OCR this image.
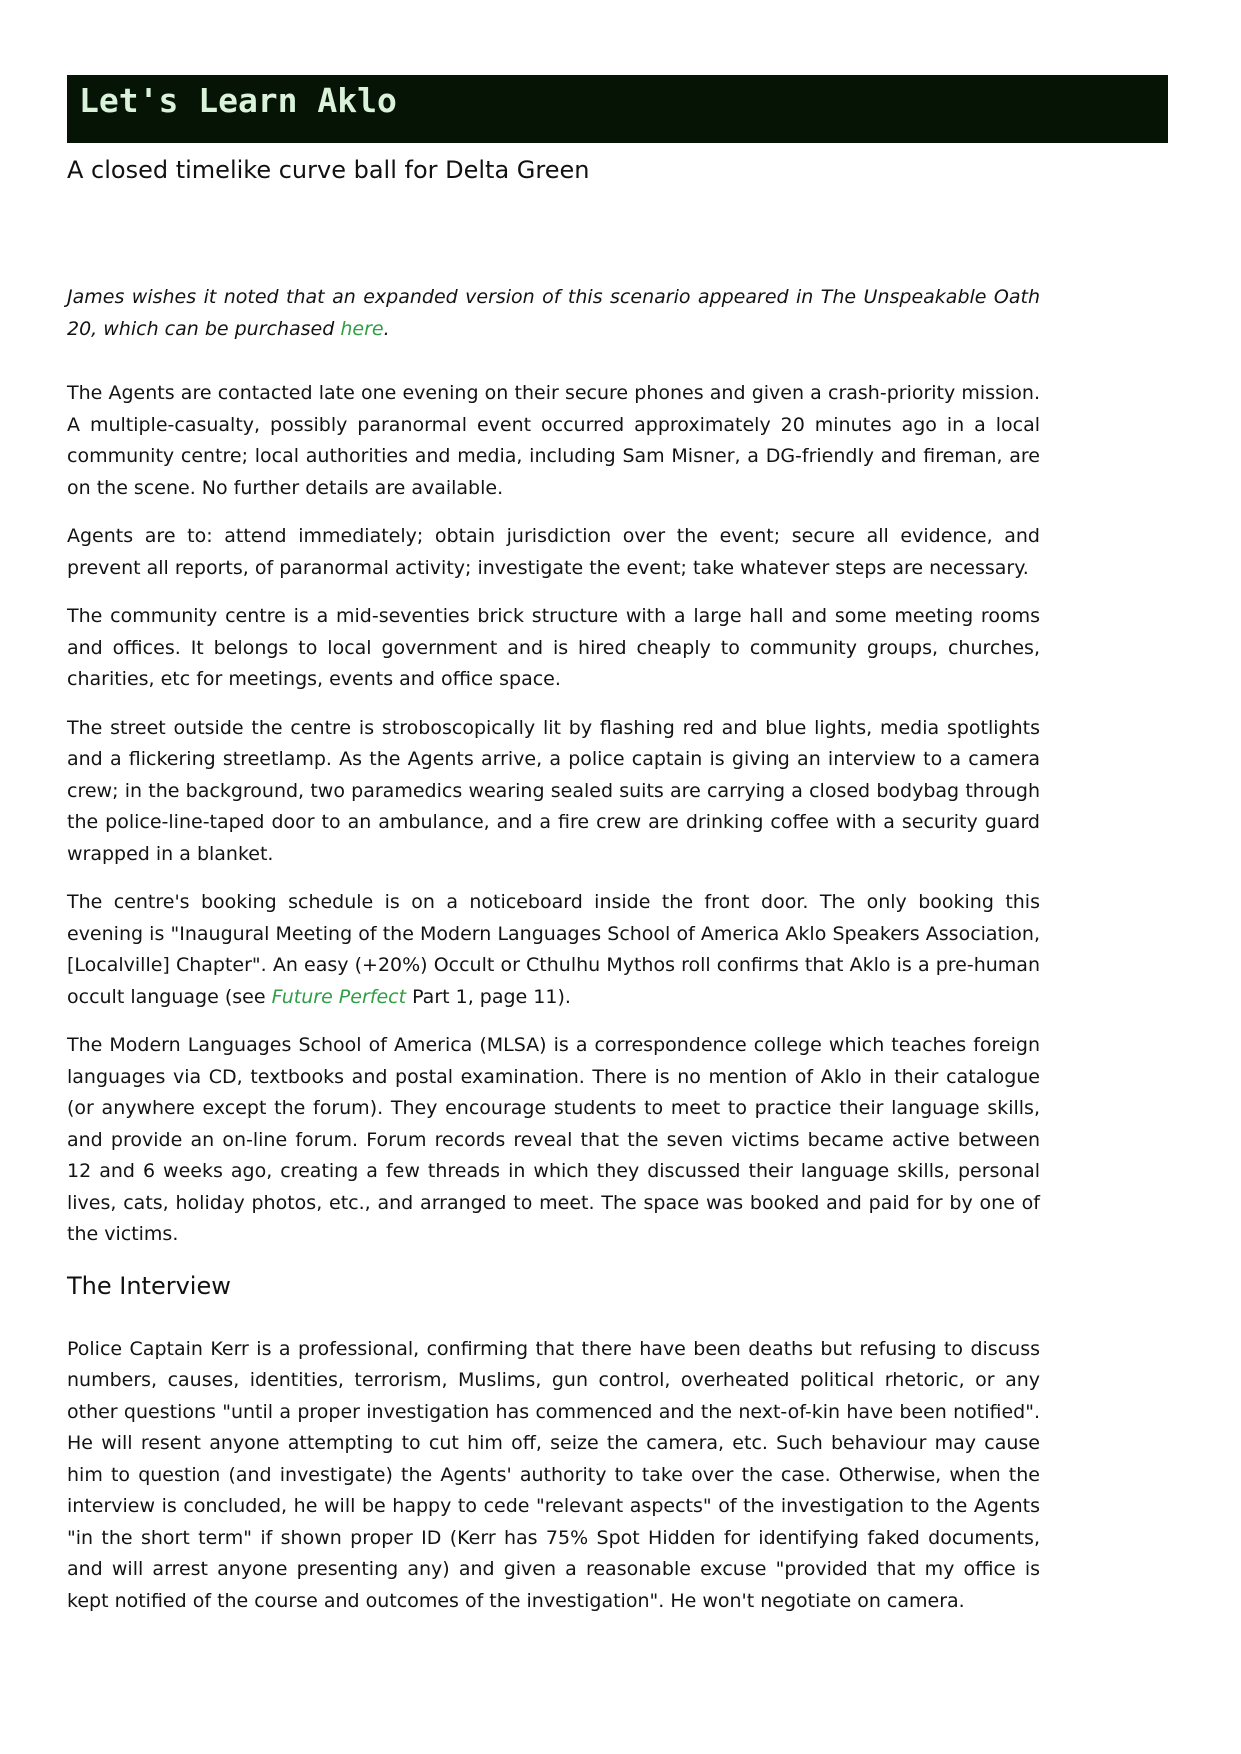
Let's Learn Aklo
A closed timelike curve ball for Delta Green

James wishes it noted that an expanded version of this scenario appeared in The Unspeakable Oath 20, which can be purchased here.

The Agents are contacted late one evening on their secure phones and given a crash-priority mission. A multiple-casualty, possibly paranormal event occurred approximately 20 minutes ago in a local community centre; local authorities and media, including Sam Misner, a DG-friendly and fireman, are on the scene. No further details are available.

Agents are to: attend immediately; obtain jurisdiction over the event; secure all evidence, and prevent all reports, of paranormal activity; investigate the event; take whatever steps are necessary.

The community centre is a mid-seventies brick structure with a large hall and some meeting rooms and offices. It belongs to local government and is hired cheaply to community groups, churches, charities, etc for meetings, events and office space.

The street outside the centre is stroboscopically lit by flashing red and blue lights, media spotlights and a flickering streetlamp. As the Agents arrive, a police captain is giving an interview to a camera crew; in the background, two paramedics wearing sealed suits are carrying a closed bodybag through the police-line-taped door to an ambulance, and a fire crew are drinking coffee with a security guard wrapped in a blanket.

The centre's booking schedule is on a noticeboard inside the front door. The only booking this evening is "Inaugural Meeting of the Modern Languages School of America Aklo Speakers Association, [Localville] Chapter". An easy (+20%) Occult or Cthulhu Mythos roll confirms that Aklo is a pre-human occult language (see Future Perfect Part 1, page 11).

The Modern Languages School of America (MLSA) is a correspondence college which teaches foreign languages via CD, textbooks and postal examination. There is no mention of Aklo in their catalogue (or anywhere except the forum). They encourage students to meet to practice their language skills, and provide an on-line forum. Forum records reveal that the seven victims became active between 12 and 6 weeks ago, creating a few threads in which they discussed their language skills, personal lives, cats, holiday photos, etc., and arranged to meet. The space was booked and paid for by one of the victims.

The Interview

Police Captain Kerr is a professional, confirming that there have been deaths but refusing to discuss numbers, causes, identities, terrorism, Muslims, gun control, overheated political rhetoric, or any other questions "until a proper investigation has commenced and the next-of-kin have been notified". He will resent anyone attempting to cut him off, seize the camera, etc. Such behaviour may cause him to question (and investigate) the Agents' authority to take over the case. Otherwise, when the interview is concluded, he will be happy to cede "relevant aspects" of the investigation to the Agents "in the short term" if shown proper ID (Kerr has 75% Spot Hidden for identifying faked documents, and will arrest anyone presenting any) and given a reasonable excuse "provided that my office is kept notified of the course and outcomes of the investigation". He won't negotiate on camera.
